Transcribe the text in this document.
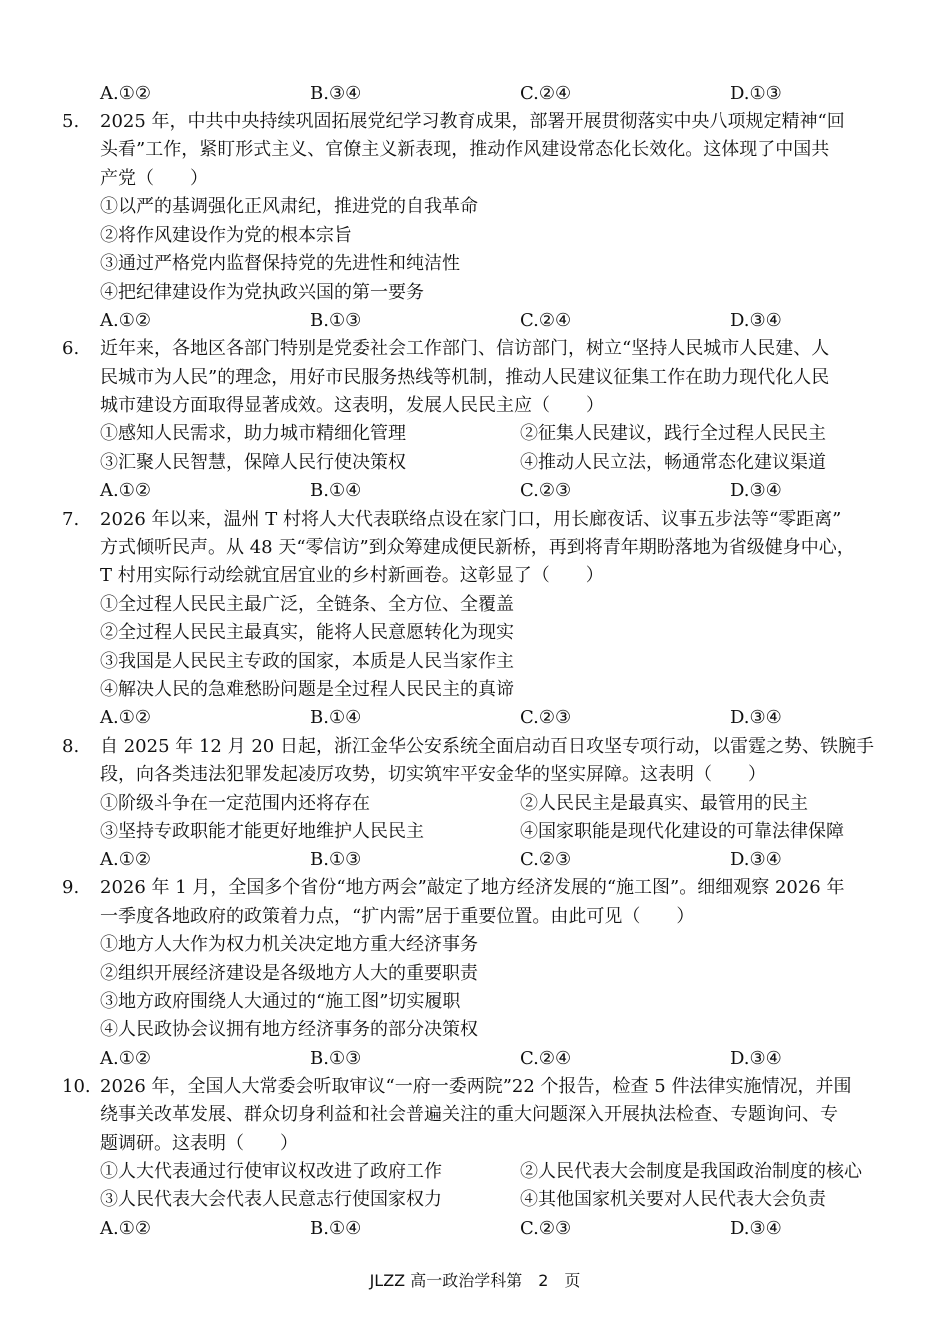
A.①②	B.③④	C.②④	D.①③
5. 2025 年，中共中央持续巩固拓展党纪学习教育成果，部署开展贯彻落实中央八项规定精神“回
头看”工作，紧盯形式主义、官僚主义新表现，推动作风建设常态化长效化。这体现了中国共
产党（　　）
①以严的基调强化正风肃纪，推进党的自我革命
②将作风建设作为党的根本宗旨
③通过严格党内监督保持党的先进性和纯洁性
④把纪律建设作为党执政兴国的第一要务
A.①②	B.①③	C.②④	D.③④
6. 近年来，各地区各部门特别是党委社会工作部门、信访部门，树立“坚持人民城市人民建、人
民城市为人民”的理念，用好市民服务热线等机制，推动人民建议征集工作在助力现代化人民
城市建设方面取得显著成效。这表明，发展人民民主应（　　）
①感知人民需求，助力城市精细化管理	②征集人民建议，践行全过程人民民主
③汇聚人民智慧，保障人民行使决策权	④推动人民立法，畅通常态化建议渠道
A.①②	B.①④	C.②③	D.③④
7. 2026 年以来，温州 T 村将人大代表联络点设在家门口，用长廊夜话、议事五步法等“零距离”
方式倾听民声。从 48 天“零信访”到众筹建成便民新桥，再到将青年期盼落地为省级健身中心，
T 村用实际行动绘就宜居宜业的乡村新画卷。这彰显了（　　）
①全过程人民民主最广泛，全链条、全方位、全覆盖
②全过程人民民主最真实，能将人民意愿转化为现实
③我国是人民民主专政的国家，本质是人民当家作主
④解决人民的急难愁盼问题是全过程人民民主的真谛
A.①②	B.①④	C.②③	D.③④
8. 自 2025 年 12 月 20 日起，浙江金华公安系统全面启动百日攻坚专项行动，以雷霆之势、铁腕手
段，向各类违法犯罪发起凌厉攻势，切实筑牢平安金华的坚实屏障。这表明（　　）
①阶级斗争在一定范围内还将存在	②人民民主是最真实、最管用的民主
③坚持专政职能才能更好地维护人民民主	④国家职能是现代化建设的可靠法律保障
A.①②	B.①③	C.②③	D.③④
9. 2026 年 1 月，全国多个省份“地方两会”敲定了地方经济发展的“施工图”。细细观察 2026 年
一季度各地政府的政策着力点，“扩内需”居于重要位置。由此可见（　　）
①地方人大作为权力机关决定地方重大经济事务
②组织开展经济建设是各级地方人大的重要职责
③地方政府围绕人大通过的“施工图”切实履职
④人民政协会议拥有地方经济事务的部分决策权
A.①②	B.①③	C.②④	D.③④
10. 2026 年，全国人大常委会听取审议“一府一委两院”22 个报告，检查 5 件法律实施情况，并围
绕事关改革发展、群众切身利益和社会普遍关注的重大问题深入开展执法检查、专题询问、专
题调研。这表明（　　）
①人大代表通过行使审议权改进了政府工作	②人民代表大会制度是我国政治制度的核心
③人民代表大会代表人民意志行使国家权力	④其他国家机关要对人民代表大会负责
A.①②	B.①④	C.②③	D.③④
JLZZ 高一政治学科第　2　页
